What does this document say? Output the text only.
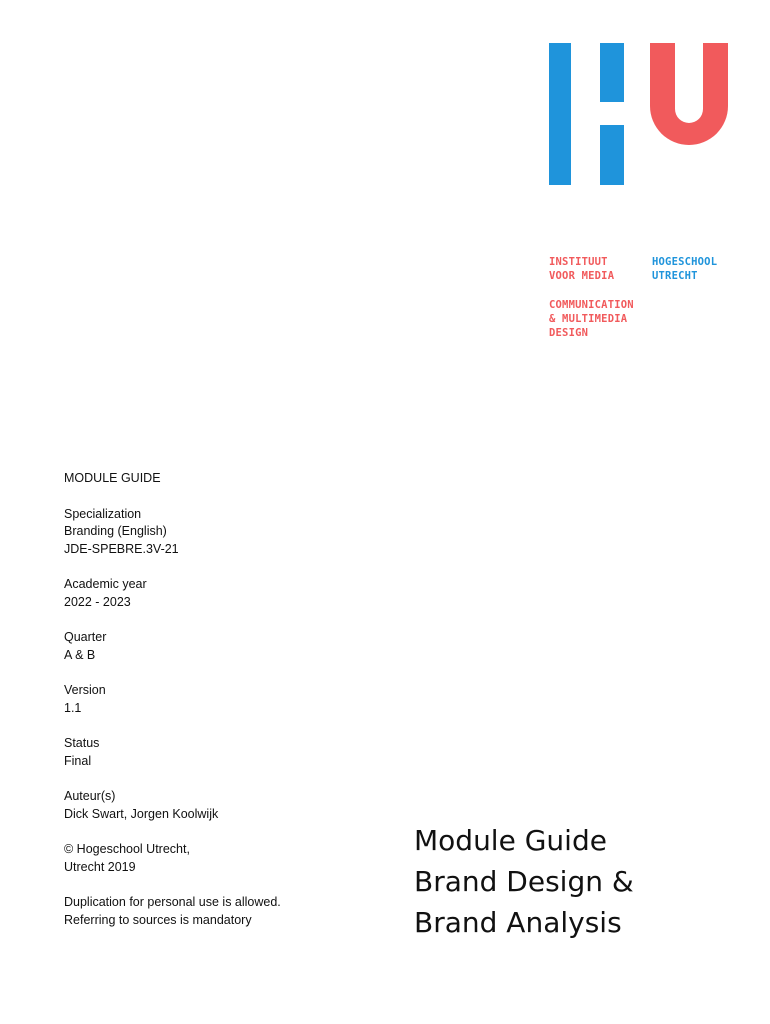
INSTITUUT
VOOR MEDIA

HOGESCHOOL
UTRECHT

COMMUNICATION
& MULTIMEDIA
DESIGN

MODULE GUIDE

Specialization

Branding (English)

JDE-SPEBRE.3V-21

Academic year

2022 - 2023

Quarter

A & B

Version

1.1

Status

Final

Auteur(s)

Dick Swart, Jorgen Koolwijk

© Hogeschool Utrecht,

Utrecht 2019

Duplication for personal use is allowed.

Referring to sources is mandatory

Module Guide

Brand Design &

Brand Analysis
